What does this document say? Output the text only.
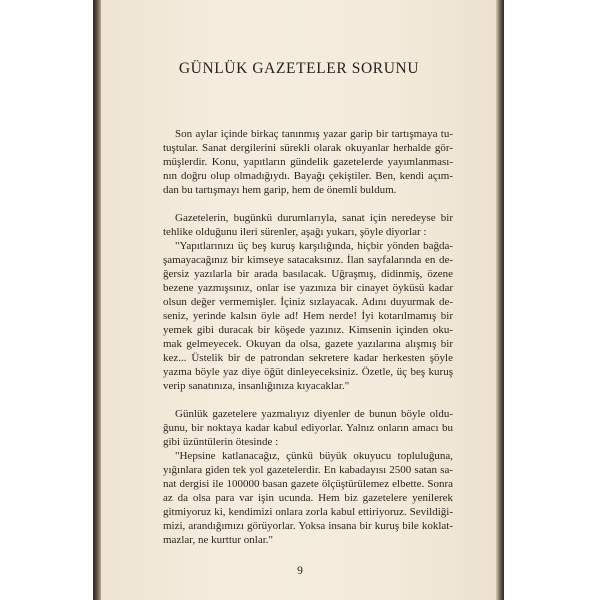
GÜNLÜK GAZETELER SORUNU
Son aylar içinde birkaç tanınmış yazar garip bir tartışmaya tu-
tuştular. Sanat dergilerini sürekli olarak okuyanlar herhalde gör-
müşlerdir. Konu, yapıtların gündelik gazetelerde yayımlanması-
nın doğru olup olmadığıydı. Bayağı çekiştiler. Ben, kendi açım-
dan bu tartışmayı hem garip, hem de önemli buldum.
Gazetelerin, bugünkü durumlarıyla, sanat için neredeyse bir
tehlike olduğunu ileri sürenler, aşağı yukarı, şöyle diyorlar :
"Yapıtlarınızı üç beş kuruş karşılığında, hiçbir yönden bağda-
şamayacağınız bir kimseye satacaksınız. İlan sayfalarında en de-
ğersiz yazılarla bir arada basılacak. Uğraşmış, didinmiş, özene
bezene yazmışsınız, onlar ise yazınıza bir cinayet öyküsü kadar
olsun değer vermemişler. İçiniz sızlayacak. Adını duyurmak de-
seniz, yerinde kalsın öyle ad! Hem nerde! İyi kotarılmamış bir
yemek gibi duracak bir köşede yazınız. Kimsenin içinden oku-
mak gelmeyecek. Okuyan da olsa, gazete yazılarına alışmış bir
kez... Üstelik bir de patrondan sekretere kadar herkesten şöyle
yazma böyle yaz diye öğüt dinleyeceksiniz. Özetle, üç beş kuruş
verip sanatınıza, insanlığınıza kıyacaklar."
Günlük gazetelere yazmalıyız diyenler de bunun böyle oldu-
ğunu, bir noktaya kadar kabul ediyorlar. Yalnız onların amacı bu
gibi üzüntülerin ötesinde :
"Hepsine katlanacağız, çünkü büyük okuyucu topluluğuna,
yığınlara giden tek yol gazetelerdir. En kabadayısı 2500 satan sa-
nat dergisi ile 100000 basan gazete ölçüştürülemez elbette. Sonra
az da olsa para var işin ucunda. Hem biz gazetelere yenilerek
gitmiyoruz ki, kendimizi onlara zorla kabul ettiriyoruz. Sevildiği-
mizi, arandığımızı görüyorlar. Yoksa insana bir kuruş bile koklat-
mazlar, ne kurttur onlar."
9
